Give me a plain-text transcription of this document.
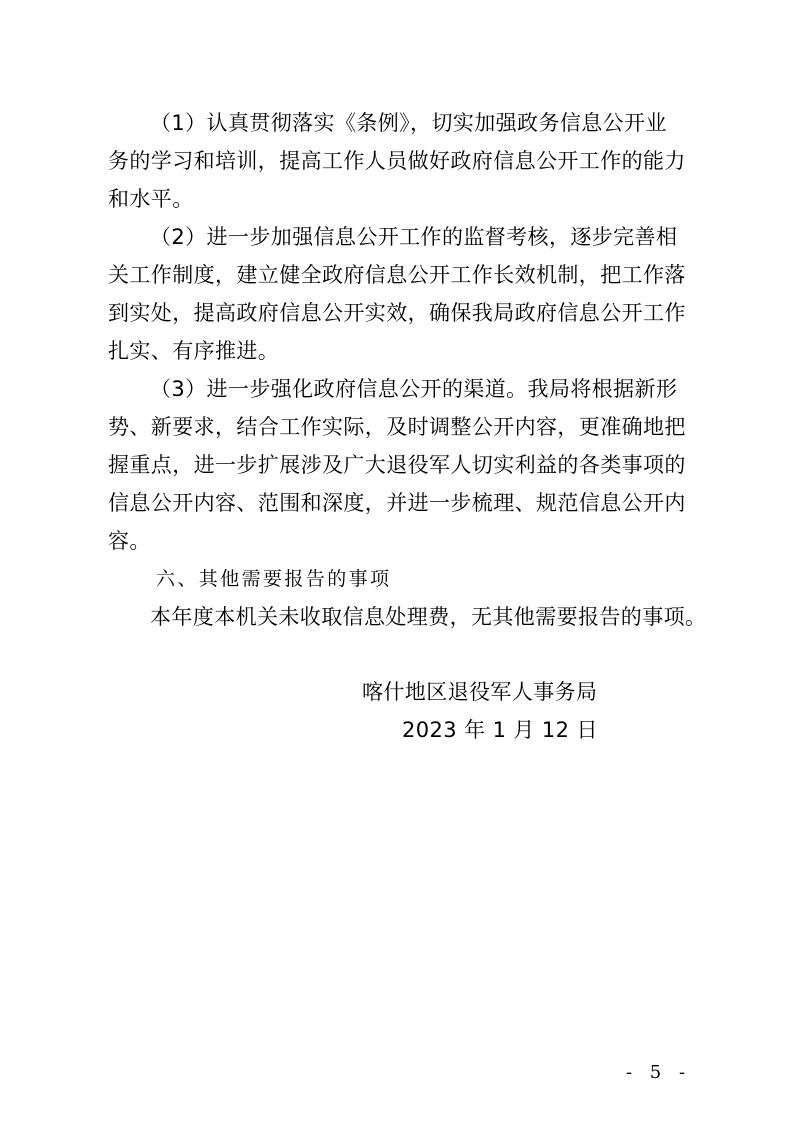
（1）认真贯彻落实《条例》，切实加强政务信息公开业
务的学习和培训，提高工作人员做好政府信息公开工作的能力
和水平。
（2）进一步加强信息公开工作的监督考核，逐步完善相
关工作制度，建立健全政府信息公开工作长效机制，把工作落
到实处，提高政府信息公开实效，确保我局政府信息公开工作
扎实、有序推进。
（3）进一步强化政府信息公开的渠道。我局将根据新形
势、新要求，结合工作实际，及时调整公开内容，更准确地把
握重点，进一步扩展涉及广大退役军人切实利益的各类事项的
信息公开内容、范围和深度，并进一步梳理、规范信息公开内
容。
六、其他需要报告的事项
本年度本机关未收取信息处理费，无其他需要报告的事项。
喀什地区退役军人事务局
2023 年 1 月 12 日
- 5 -
